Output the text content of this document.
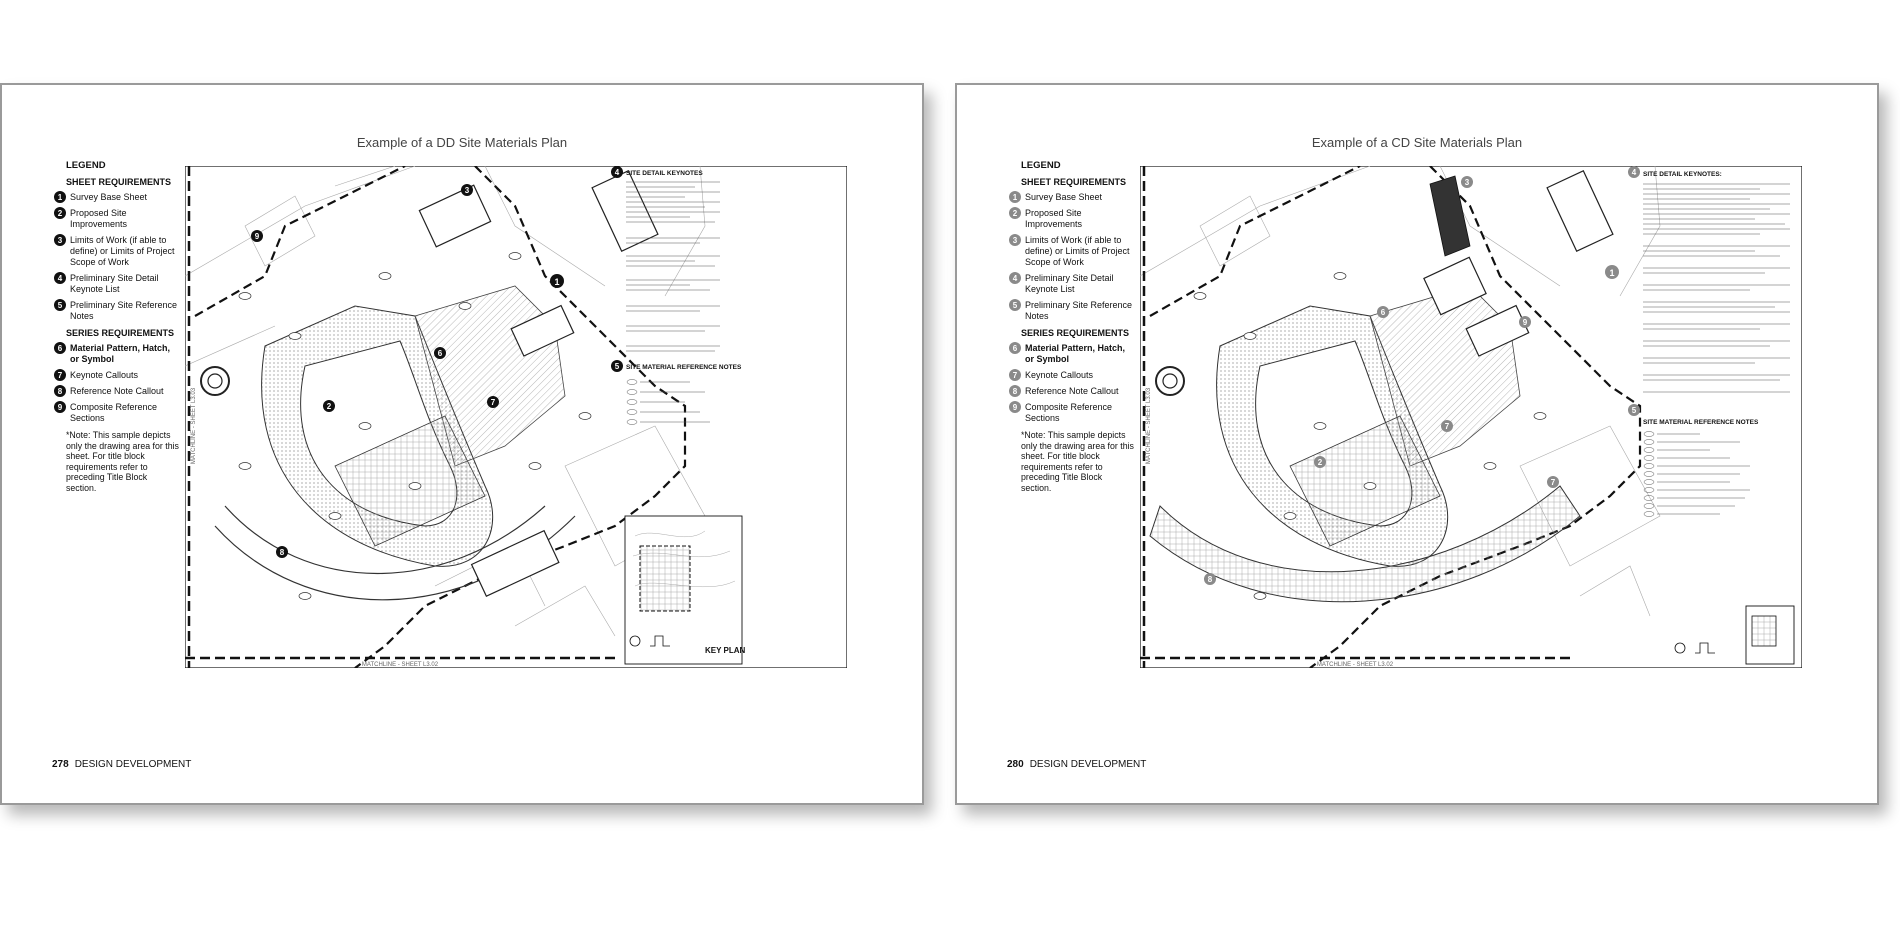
Example of a DD Site Materials Plan
LEGEND
SHEET REQUIREMENTS
1 Survey Base Sheet
2 Proposed Site Improvements
3 Limits of Work (if able to define) or Limits of Project Scope of Work
4 Preliminary Site Detail Keynote List
5 Preliminary Site Reference Notes
SERIES REQUIREMENTS
6 Material Pattern, Hatch, or Symbol
7 Keynote Callouts
8 Reference Note Callout
9 Composite Reference Sections
*Note: This sample depicts only the drawing area for this sheet. For title block requirements refer to preceding Title Block section.
9
3
1
6
2	7
8
MATCHLINE - SHEET L3.02
MATCHLINE - SHEET L3.03
4 SITE DETAIL KEYNOTES
5 SITE MATERIAL REFERENCE NOTES
KEY PLAN
278 DESIGN DEVELOPMENT
Example of a CD Site Materials Plan
LEGEND
SHEET REQUIREMENTS
1 Survey Base Sheet
2 Proposed Site Improvements
3 Limits of Work (if able to define) or Limits of Project Scope of Work
4 Preliminary Site Detail Keynote List
5 Preliminary Site Reference Notes
SERIES REQUIREMENTS
6 Material Pattern, Hatch, or Symbol
7 Keynote Callouts
8 Reference Note Callout
9 Composite Reference Sections
*Note: This sample depicts only the drawing area for this sheet. For title block requirements refer to preceding Title Block section.
3
1
6
9
2
7
7
8
MATCHLINE - SHEET L3.02
MATCHLINE - SHEET L3.03
4 SITE DETAIL KEYNOTES:
5
SITE MATERIAL REFERENCE NOTES
280 DESIGN DEVELOPMENT
